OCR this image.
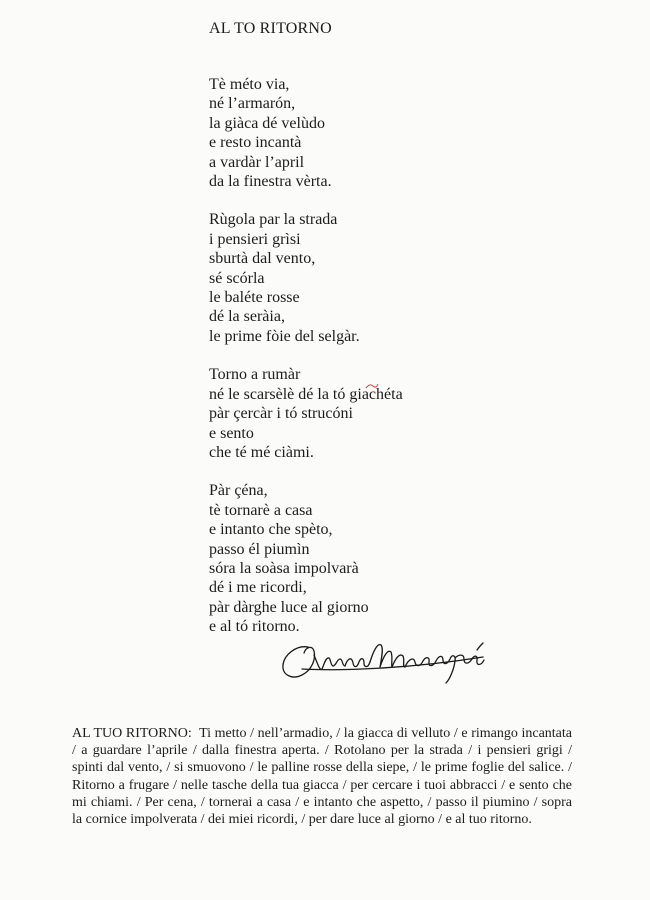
AL TO RITORNO
Tè méto via,
né l’armarón,
la giàca dé velùdo
e resto incantà
a vardàr l’april
da la finestra vèrta.
Rùgola par la strada
i pensieri grìsi
sburtà dal vento,
sé scórla
le baléte rosse
dé la seràia,
le prime fòie del selgàr.
Torno a rumàr
né le scarsèlè dé la tó giachéta
pàr çercàr i tó strucóni
e sento
che té mé ciàmi.
Pàr çéna,
tè tornarè a casa
e intanto che spèto,
passo él piumìn
sóra la soàsa impolvarà
dé i me ricordi,
pàr dàrghe luce al giorno
e al tó ritorno.
AL TUO RITORNO: Ti metto / nell’armadio, / la giacca di velluto / e rimango incantata / a guardare l’aprile / dalla finestra aperta. / Rotolano per la strada / i pensieri grigi / spinti dal vento, / si smuovono / le palline rosse della siepe, / le prime foglie del salice. / Ritorno a frugare / nelle tasche della tua giacca / per cercare i tuoi abbracci / e sento che mi chiami. / Per cena, / tornerai a casa / e intanto che aspetto, / passo il piumino / sopra la cornice impolverata / dei miei ricordi, / per dare luce al giorno / e al tuo ritorno.
